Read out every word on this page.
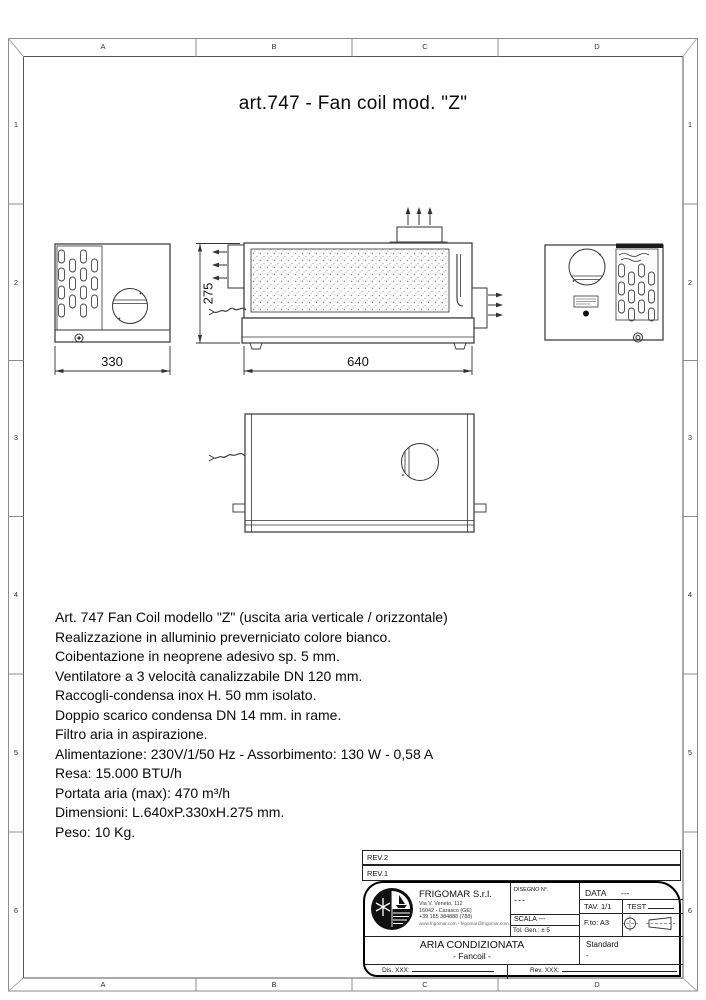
A	B	C	D
A	B	C	D
1
2
3
4
5
6
1
2
3
4
5
6
art.747 - Fan coil mod. "Z"
330	640
275
Art. 747 Fan Coil modello "Z" (uscita aria verticale / orizzontale)
Realizzazione in alluminio preverniciato colore bianco.
Coibentazione in neoprene adesivo sp. 5 mm.
Ventilatore a 3 velocità canalizzabile DN 120 mm.
Raccogli-condensa inox H. 50 mm isolato.
Doppio scarico condensa DN 14 mm. in rame.
Filtro aria in aspirazione.
Alimentazione: 230V/1/50 Hz - Assorbimento: 130 W - 0,58 A
Resa: 15.000 BTU/h
Portata aria (max): 470 m³/h
Dimensioni: L.640xP.330xH.275 mm.
Peso: 10 Kg.
REV.2
REV.1
FRIGOMAR S.r.l.
Via V. Veneto, 112
16042 - Carasco (GE)
+39 185 384888 (788)
www.frigomar.com - frigomar@frigomar.com
DISEGNO N°.
---
SCALA ---
Tol. Gen.: ± 5
DATA ---
TAV. 1/1 TEST
F.to: A3
ARIA CONDIZIONATA
- Fancoil -
Standard
-
Dis. XXX:	Rev. XXX:
